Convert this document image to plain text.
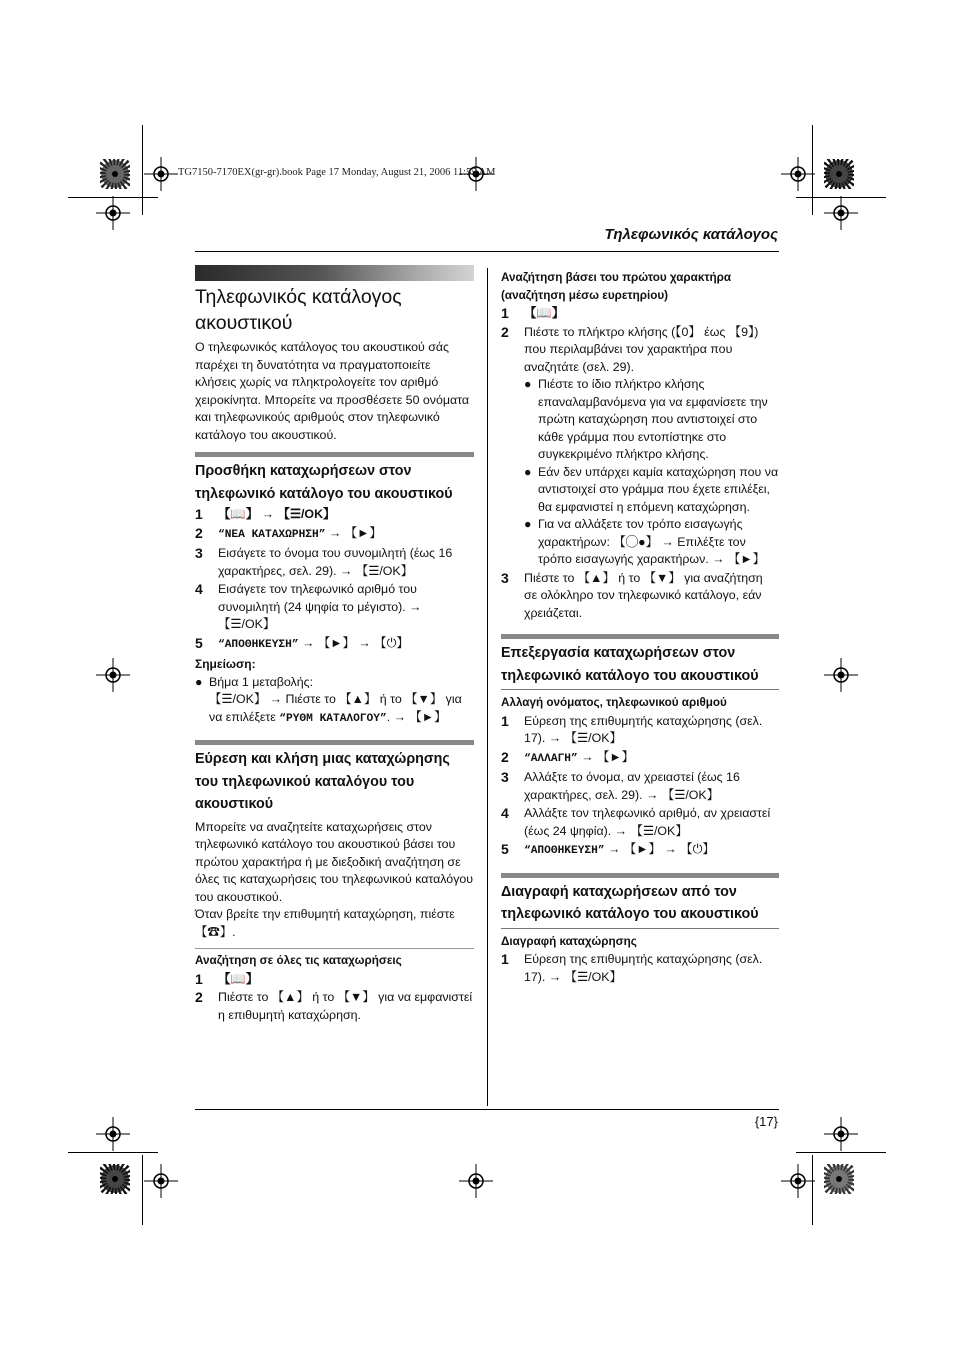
TG7150-7170EX(gr-gr).book Page 17 Monday, August 21, 2006 11:55 AM
Τηλεφωνικός κατάλογος
Τηλεφωνικός κατάλογος
ακουστικού

Ο τηλεφωνικός κατάλογος του ακουστικού σάς παρέχει τη δυνατότητα να πραγματοποιείτε κλήσεις χωρίς να πληκτρολογείτε τον αριθμό χειροκίνητα. Μπορείτε να προσθέσετε 50 ονόματα και τηλεφωνικούς αριθμούς στον τηλεφωνικό κατάλογο του ακουστικού.

Προσθήκη καταχωρήσεων στον τηλεφωνικό κατάλογο του ακουστικού
1	【📖】 → 【☰/OK】
2	“ΝΕΑ ΚΑΤΑΧΩΡΗΣΗ” → 【►】
3	Εισάγετε το όνομα του συνομιλητή (έως 16 χαρακτήρες, σελ. 29). → 【☰/OK】
4	Εισάγετε τον τηλεφωνικό αριθμό του συνομιλητή (24 ψηφία το μέγιστο). → 【☰/OK】
5	“ΑΠΟΘΗΚΕΥΣΗ” → 【►】 → 【⏻】
Σημείωση:
● Βήμα 1 μεταβολής:
【☰/OK】 → Πιέστε το 【▲】 ή το 【▼】 για να επιλέξετε “ΡΥΘΜ ΚΑΤΑΛΟΓΟΥ”. → 【►】
Εύρεση και κλήση μιας καταχώρησης του τηλεφωνικού καταλόγου του ακουστικού

Μπορείτε να αναζητείτε καταχωρήσεις στον τηλεφωνικό κατάλογο του ακουστικού βάσει του πρώτου χαρακτήρα ή με διεξοδική αναζήτηση σε όλες τις καταχωρήσεις του τηλεφωνικού καταλόγου του ακουστικού.

Όταν βρείτε την επιθυμητή καταχώρηση, πιέστε 【☎】.

Αναζήτηση σε όλες τις καταχωρήσεις
1	【📖】
2	Πιέστε το 【▲】 ή το 【▼】 για να εμφανιστεί η επιθυμητή καταχώρηση.
Αναζήτηση βάσει του πρώτου χαρακτήρα (αναζήτηση μέσω ευρετηρίου)
1	【📖】
2	Πιέστε το πλήκτρο κλήσης (【0】 έως 【9】) που περιλαμβάνει τον χαρακτήρα που αναζητάτε (σελ. 29).
● Πιέστε το ίδιο πλήκτρο κλήσης επαναλαμβανόμενα για να εμφανίσετε την πρώτη καταχώρηση που αντιστοιχεί στο κάθε γράμμα που εντοπίστηκε στο συγκεκριμένο πλήκτρο κλήσης.
● Εάν δεν υπάρχει καμία καταχώρηση που να αντιστοιχεί στο γράμμα που έχετε επιλέξει, θα εμφανιστεί η επόμενη καταχώρηση.
● Για να αλλάξετε τον τρόπο εισαγωγής χαρακτήρων: 【◯●】 → Επιλέξτε τον τρόπο εισαγωγής χαρακτήρων. → 【►】
3	Πιέστε το 【▲】 ή το 【▼】 για αναζήτηση σε ολόκληρο τον τηλεφωνικό κατάλογο, εάν χρειάζεται.
Επεξεργασία καταχωρήσεων στον τηλεφωνικό κατάλογο του ακουστικού
Αλλαγή ονόματος, τηλεφωνικού αριθμού
1	Εύρεση της επιθυμητής καταχώρησης (σελ. 17). → 【☰/OK】
2	“ΑΛΛΑΓΗ” → 【►】
3	Αλλάξτε το όνομα, αν χρειαστεί (έως 16 χαρακτήρες, σελ. 29). → 【☰/OK】
4	Αλλάξτε τον τηλεφωνικό αριθμό, αν χρειαστεί (έως 24 ψηφία). → 【☰/OK】
5	“ΑΠΟΘΗΚΕΥΣΗ” → 【►】 → 【⏻】
Διαγραφή καταχωρήσεων από τον τηλεφωνικό κατάλογο του ακουστικού
Διαγραφή καταχώρησης
1	Εύρεση της επιθυμητής καταχώρησης (σελ. 17). → 【☰/OK】
{17}
